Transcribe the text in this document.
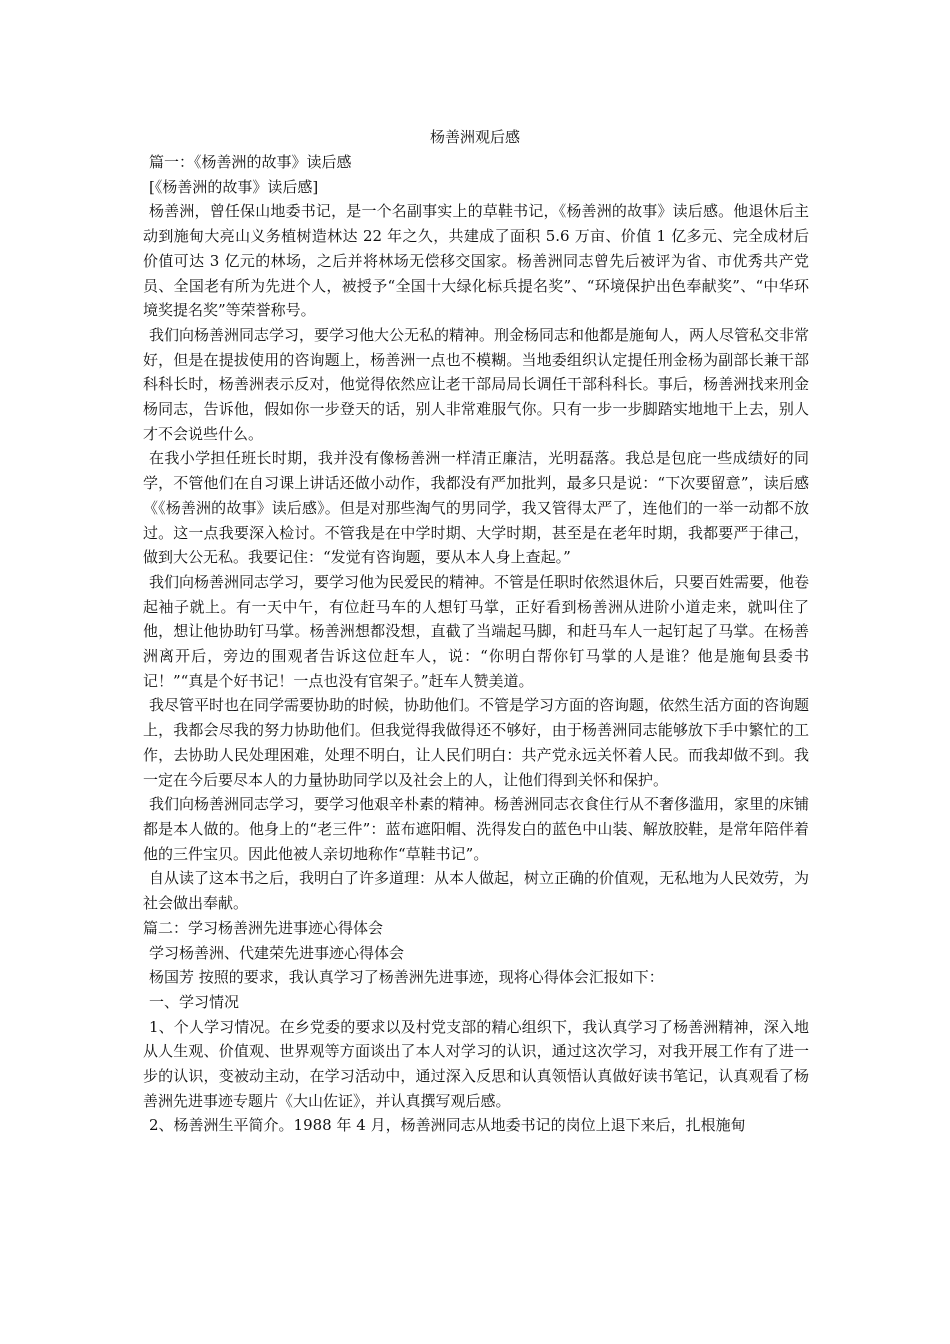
杨善洲观后感

篇一：《杨善洲的故事》读后感

[《杨善洲的故事》读后感]

杨善洲，曾任保山地委书记，是一个名副事实上的草鞋书记，《杨善洲的故事》读后感。他退休后主动到施甸大亮山义务植树造林达 22 年之久，共建成了面积 5.6 万亩、价值 1 亿多元、完全成材后价值可达 3 亿元的林场，之后并将林场无偿移交国家。杨善洲同志曾先后被评为省、市优秀共产党员、全国老有所为先进个人，被授予“全国十大绿化标兵提名奖”、“环境保护出色奉献奖”、“中华环境奖提名奖”等荣誉称号。

我们向杨善洲同志学习，要学习他大公无私的精神。刑金杨同志和他都是施甸人，两人尽管私交非常好，但是在提拔使用的咨询题上，杨善洲一点也不模糊。当地委组织认定提任刑金杨为副部长兼干部科科长时，杨善洲表示反对，他觉得依然应让老干部局局长调任干部科科长。事后，杨善洲找来刑金杨同志，告诉他，假如你一步登天的话，别人非常难服气你。只有一步一步脚踏实地地干上去，别人才不会说些什么。

在我小学担任班长时期，我并没有像杨善洲一样清正廉洁，光明磊落。我总是包庇一些成绩好的同学，不管他们在自习课上讲话还做小动作，我都没有严加批判，最多只是说：“下次要留意”，读后感《《杨善洲的故事》读后感》。但是对那些淘气的男同学，我又管得太严了，连他们的一举一动都不放过。这一点我要深入检讨。不管我是在中学时期、大学时期，甚至是在老年时期，我都要严于律己，做到大公无私。我要记住：“发觉有咨询题，要从本人身上查起。”

我们向杨善洲同志学习，要学习他为民爱民的精神。不管是任职时依然退休后，只要百姓需要，他卷起袖子就上。有一天中午，有位赶马车的人想钉马掌，正好看到杨善洲从进阶小道走来，就叫住了他，想让他协助钉马掌。杨善洲想都没想，直截了当端起马脚，和赶马车人一起钉起了马掌。在杨善洲离开后，旁边的围观者告诉这位赶车人，说：“你明白帮你钉马掌的人是谁？他是施甸县委书记！”“真是个好书记！一点也没有官架子。”赶车人赞美道。

我尽管平时也在同学需要协助的时候，协助他们。不管是学习方面的咨询题，依然生活方面的咨询题上，我都会尽我的努力协助他们。但我觉得我做得还不够好，由于杨善洲同志能够放下手中繁忙的工作，去协助人民处理困难，处理不明白，让人民们明白：共产党永远关怀着人民。而我却做不到。我一定在今后要尽本人的力量协助同学以及社会上的人，让他们得到关怀和保护。

我们向杨善洲同志学习，要学习他艰辛朴素的精神。杨善洲同志衣食住行从不奢侈滥用，家里的床铺都是本人做的。他身上的“老三件”：蓝布遮阳帽、洗得发白的蓝色中山装、解放胶鞋，是常年陪伴着他的三件宝贝。因此他被人亲切地称作“草鞋书记”。

自从读了这本书之后，我明白了许多道理：从本人做起，树立正确的价值观，无私地为人民效劳，为社会做出奉献。

篇二：学习杨善洲先进事迹心得体会

学习杨善洲、代建荣先进事迹心得体会

杨国芳 按照的要求，我认真学习了杨善洲先进事迹，现将心得体会汇报如下：

一、学习情况

1、个人学习情况。在乡党委的要求以及村党支部的精心组织下，我认真学习了杨善洲精神，深入地从人生观、价值观、世界观等方面谈出了本人对学习的认识，通过这次学习，对我开展工作有了进一步的认识，变被动主动，在学习活动中，通过深入反思和认真领悟认真做好读书笔记，认真观看了杨善洲先进事迹专题片《大山佐证》，并认真撰写观后感。

2、杨善洲生平简介。1988 年 4 月，杨善洲同志从地委书记的岗位上退下来后，扎根施甸
